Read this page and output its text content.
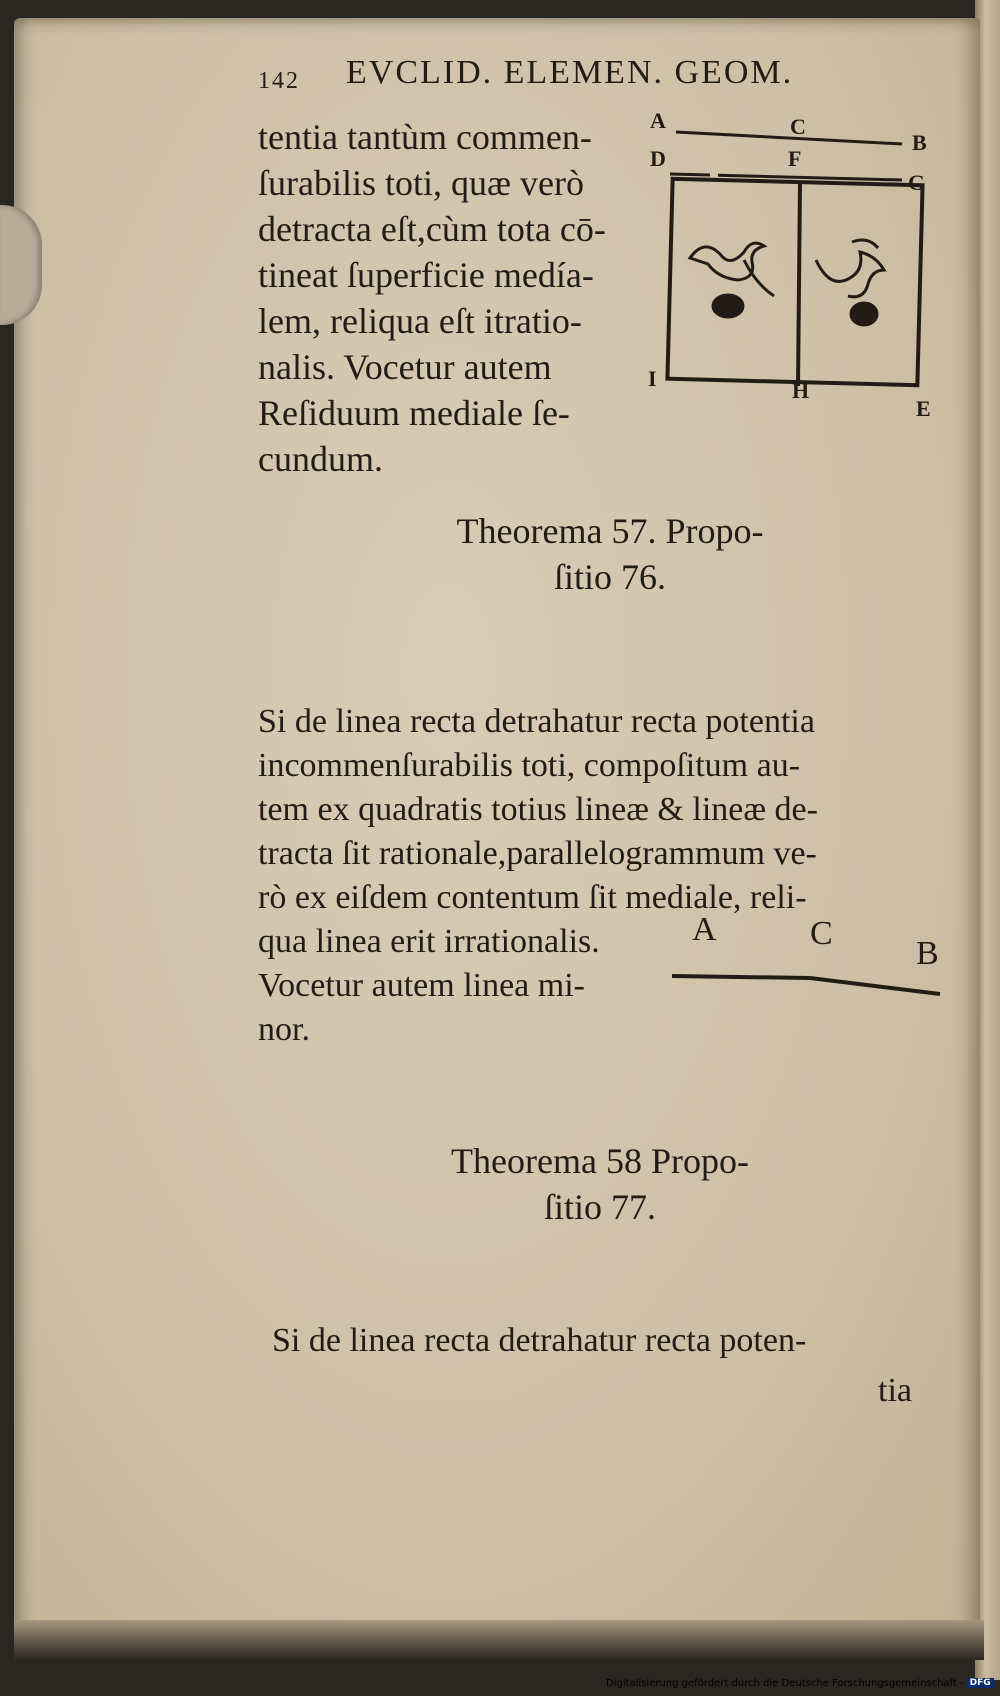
142 EVCLID. ELEMEN. GEOM.
tentia tantùm commen-
ſurabilis toti, quæ verò
detracta eſt,cùm tota cō-
tineat ſuperficie medía-
lem, reliqua eſt itratio-
nalis. Vocetur autem
Reſiduum mediale ſe-
cundum.
A	C
B
D	F
G
I	H
E
Theorema 57. Propo-
ſitio 76.
Si de linea recta detrahatur recta potentia
incommenſurabilis toti, compoſitum au-
tem ex quadratis totius lineæ & lineæ de-
tracta ſit rationale,parallelogrammum ve-
rò ex eiſdem contentum ſit mediale, reli-
qua linea erit irrationalis.
Vocetur autem linea mi-
nor.
A	C
B
Theorema 58 Propo-
ſitio 77.
Si de linea recta detrahatur recta poten-
tia
Digitalisierung gefördert durch die Deutsche Forschungsgemeinschaft - DFG
